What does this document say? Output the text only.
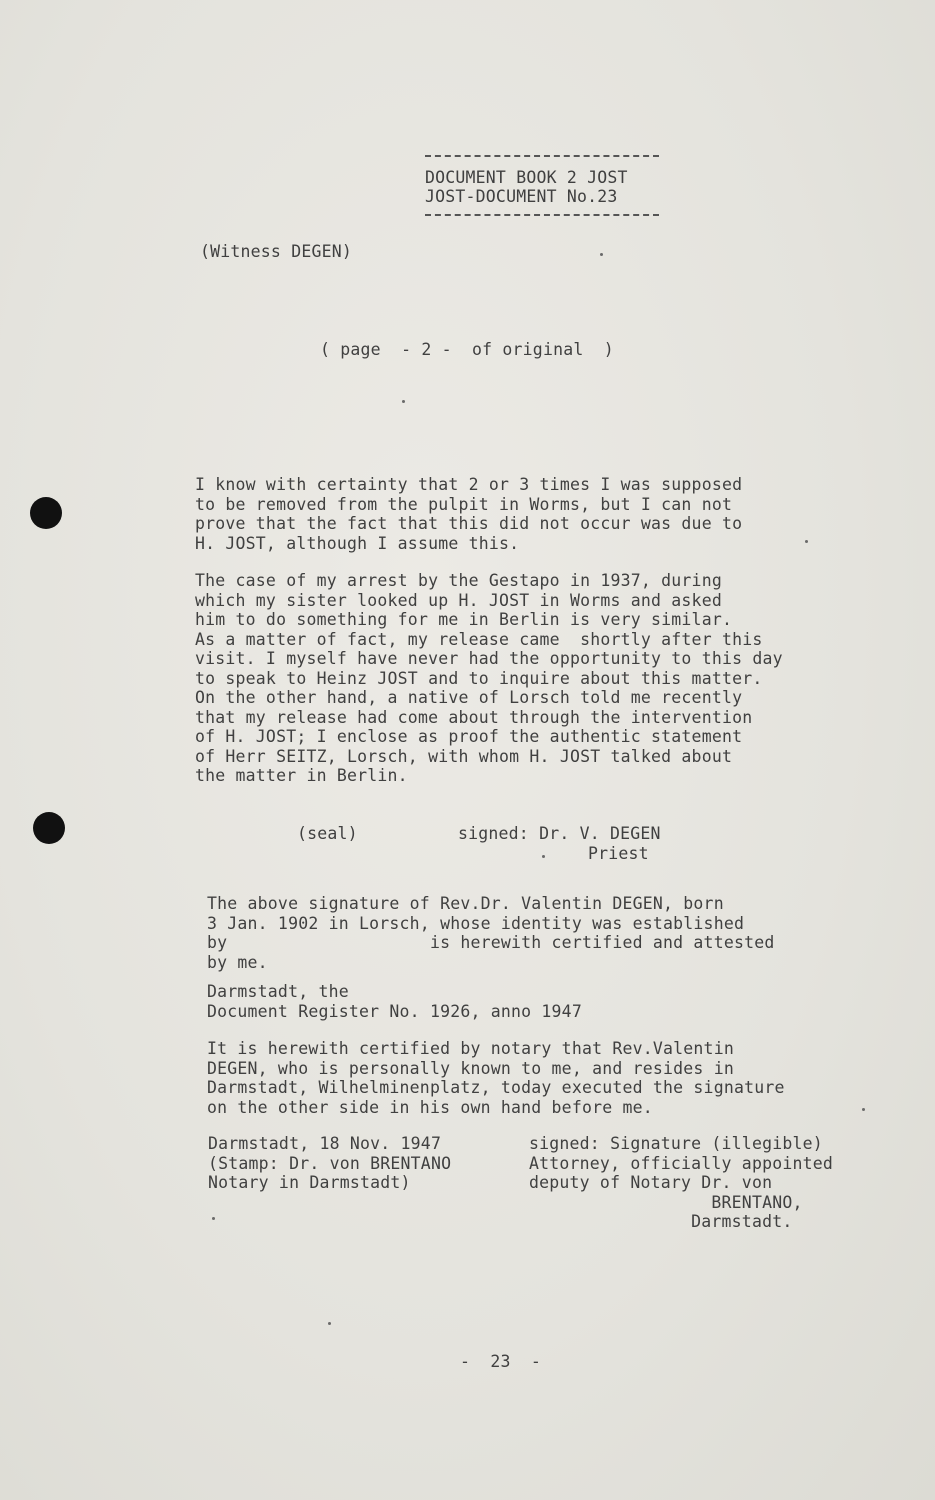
DOCUMENT BOOK 2 JOST
JOST-DOCUMENT No.23
(Witness DEGEN)
( page  - 2 -  of original  )
I know with certainty that 2 or 3 times I was supposed
to be removed from the pulpit in Worms, but I can not
prove that the fact that this did not occur was due to
H. JOST, although I assume this.
The case of my arrest by the Gestapo in 1937, during
which my sister looked up H. JOST in Worms and asked
him to do something for me in Berlin is very similar.
As a matter of fact, my release came  shortly after this
visit. I myself have never had the opportunity to this day
to speak to Heinz JOST and to inquire about this matter.
On the other hand, a native of Lorsch told me recently
that my release had come about through the intervention
of H. JOST; I enclose as proof the authentic statement
of Herr SEITZ, Lorsch, with whom H. JOST talked about
the matter in Berlin.
(seal)	signed: Dr. V. DEGEN
Priest
The above signature of Rev.Dr. Valentin DEGEN, born
3 Jan. 1902 in Lorsch, whose identity was established
by                    is herewith certified and attested
by me.
Darmstadt, the
Document Register No. 1926, anno 1947
It is herewith certified by notary that Rev.Valentin
DEGEN, who is personally known to me, and resides in
Darmstadt, Wilhelminenplatz, today executed the signature
on the other side in his own hand before me.
Darmstadt, 18 Nov. 1947
(Stamp: Dr. von BRENTANO
Notary in Darmstadt)
signed: Signature (illegible)
Attorney, officially appointed
deputy of Notary Dr. von
BRENTANO,
Darmstadt.
-  23  -
